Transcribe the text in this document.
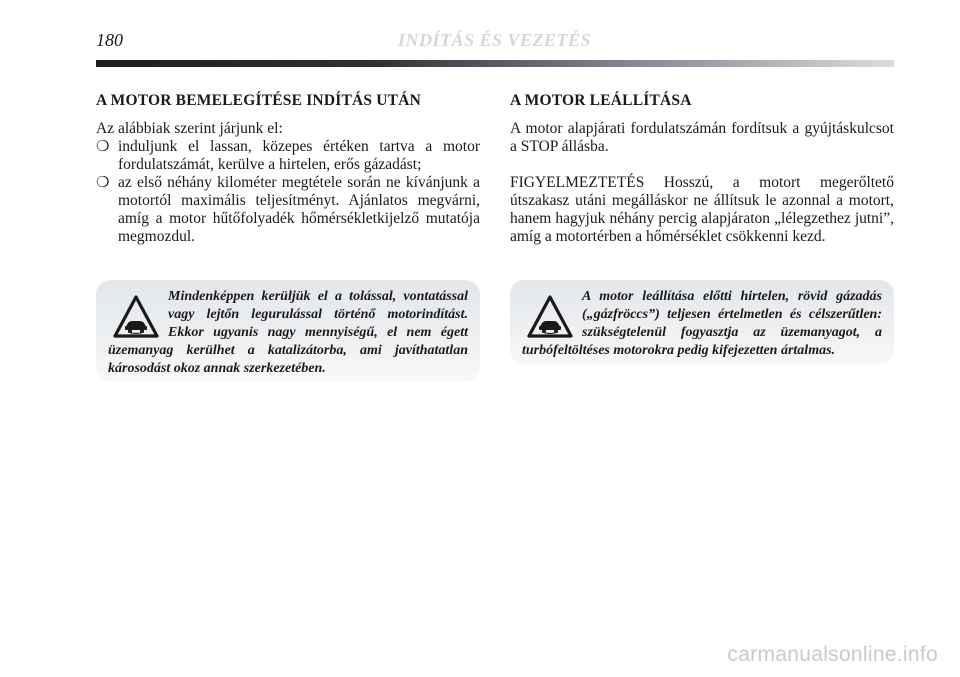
180	INDÍTÁS ÉS VEZETÉS
A MOTOR BEMELEGÍTÉSE INDÍTÁS UTÁN

Az alábbiak szerint járjunk el:

❍ induljunk el lassan, közepes értéken tartva a motor fordulatszámát, kerülve a hirtelen, erős gázadást;
❍ az első néhány kilométer megtétele során ne kívánjunk a motortól maximális teljesítményt. Ajánlatos megvárni, amíg a motor hűtőfolyadék hőmérsékletkijelző mutatója megmozdul.
A MOTOR LEÁLLÍTÁSA

A motor alapjárati fordulatszámán fordítsuk a gyújtáskulcsot a STOP állásba.

FIGYELMEZTETÉS Hosszú, a motort megerőltető útszakasz utáni megálláskor ne állítsuk le azonnal a motort, hanem hagyjuk néhány percig alapjáraton „lélegzethez jutni”, amíg a motortérben a hőmérséklet csökkenni kezd.

Mindenképpen kerüljük el a tolással, vontatással vagy lejtőn legurulással történő motorindítást. Ekkor ugyanis nagy mennyiségű, el nem égett üzemanyag kerülhet a katalizátorba, ami javíthatatlan károsodást okoz annak szerkezetében.

A motor leállítása előtti hirtelen, rövid gázadás („gázfröccs”) teljesen értelmetlen és célszerűtlen: szükségtelenül fogyasztja az üzemanyagot, a turbófeltöltéses motorokra pedig kifejezetten ártalmas.

carmanualsonline.info
